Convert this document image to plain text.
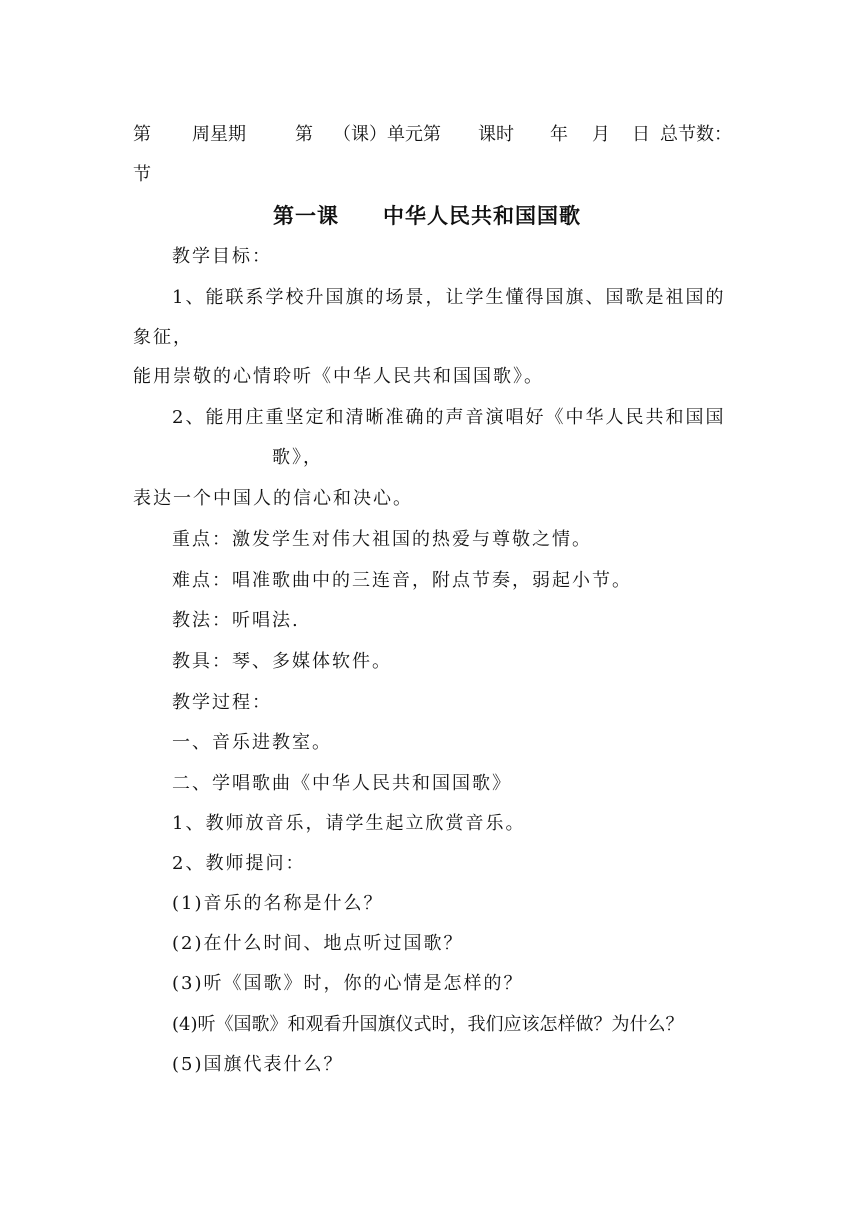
第 周星期	第 （课）单元第 课时 年 月 日 总节数：
节
第一课　　中华人民共和国国歌
教学目标：
1、能联系学校升国旗的场景，让学生懂得国旗、国歌是祖国的
象征，
能用崇敬的心情聆听《中华人民共和国国歌》。
2、能用庄重坚定和清晰准确的声音演唱好《中华人民共和国国
歌》，
表达一个中国人的信心和决心。
重点：激发学生对伟大祖国的热爱与尊敬之情。
难点：唱准歌曲中的三连音，附点节奏，弱起小节。
教法：听唱法.
教具：琴、多媒体软件。
教学过程：
一、音乐进教室。
二、学唱歌曲《中华人民共和国国歌》
1、教师放音乐，请学生起立欣赏音乐。
2、教师提问：
(1)音乐的名称是什么？
(2)在什么时间、地点听过国歌？
(3)听《国歌》时，你的心情是怎样的？
(4)听《国歌》和观看升国旗仪式时，我们应该怎样做？为什么？
(5)国旗代表什么？
